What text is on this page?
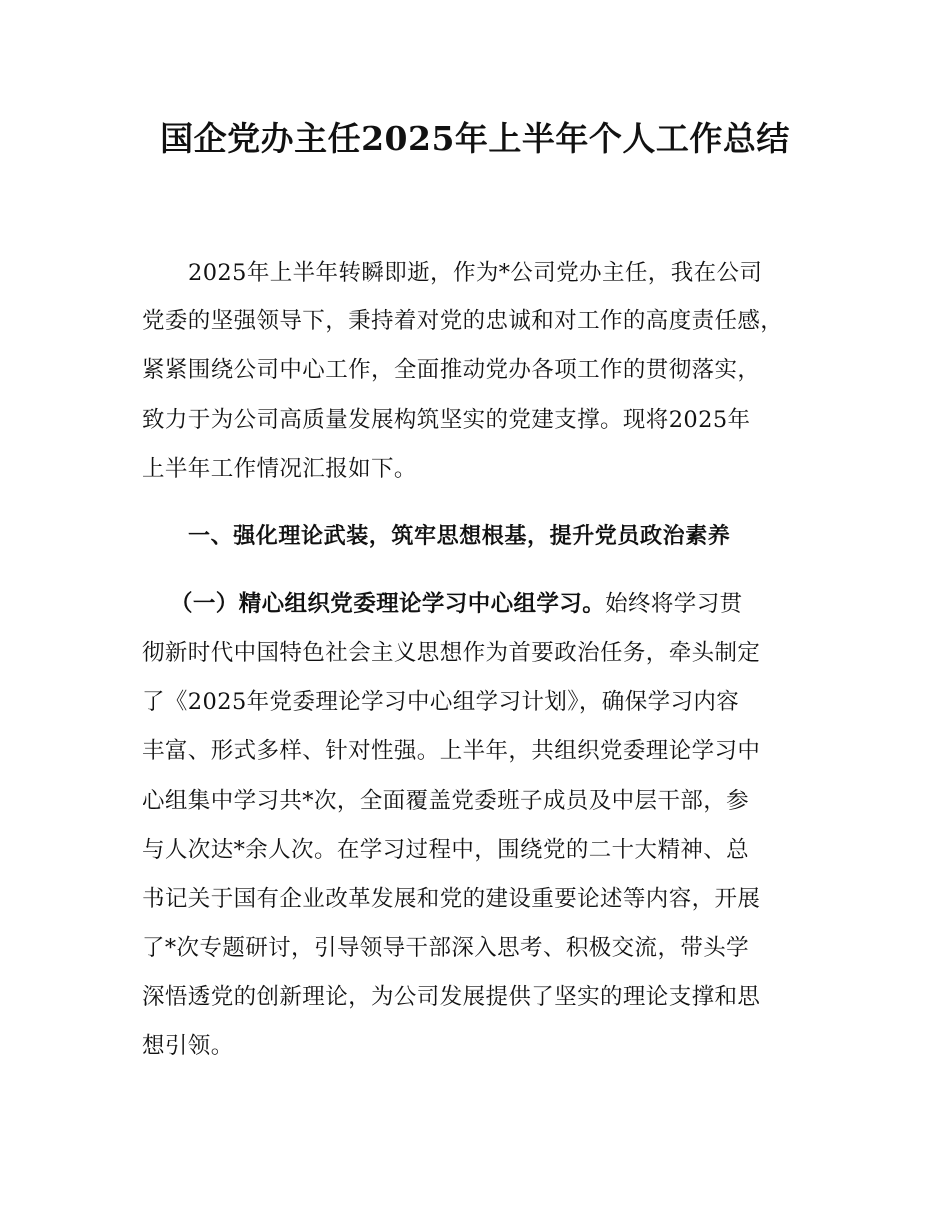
国企党办主任2025年上半年个人工作总结
2025年上半年转瞬即逝，作为*公司党办主任，我在公司
党委的坚强领导下，秉持着对党的忠诚和对工作的高度责任感，
紧紧围绕公司中心工作，全面推动党办各项工作的贯彻落实，
致力于为公司高质量发展构筑坚实的党建支撑。现将2025年
上半年工作情况汇报如下。
一、强化理论武装，筑牢思想根基，提升党员政治素养
（一）精心组织党委理论学习中心组学习。始终将学习贯
彻新时代中国特色社会主义思想作为首要政治任务，牵头制定
了《2025年党委理论学习中心组学习计划》，确保学习内容
丰富、形式多样、针对性强。上半年，共组织党委理论学习中
心组集中学习共*次，全面覆盖党委班子成员及中层干部，参
与人次达*余人次。在学习过程中，围绕党的二十大精神、总
书记关于国有企业改革发展和党的建设重要论述等内容，开展
了*次专题研讨，引导领导干部深入思考、积极交流，带头学
深悟透党的创新理论，为公司发展提供了坚实的理论支撑和思
想引领。
